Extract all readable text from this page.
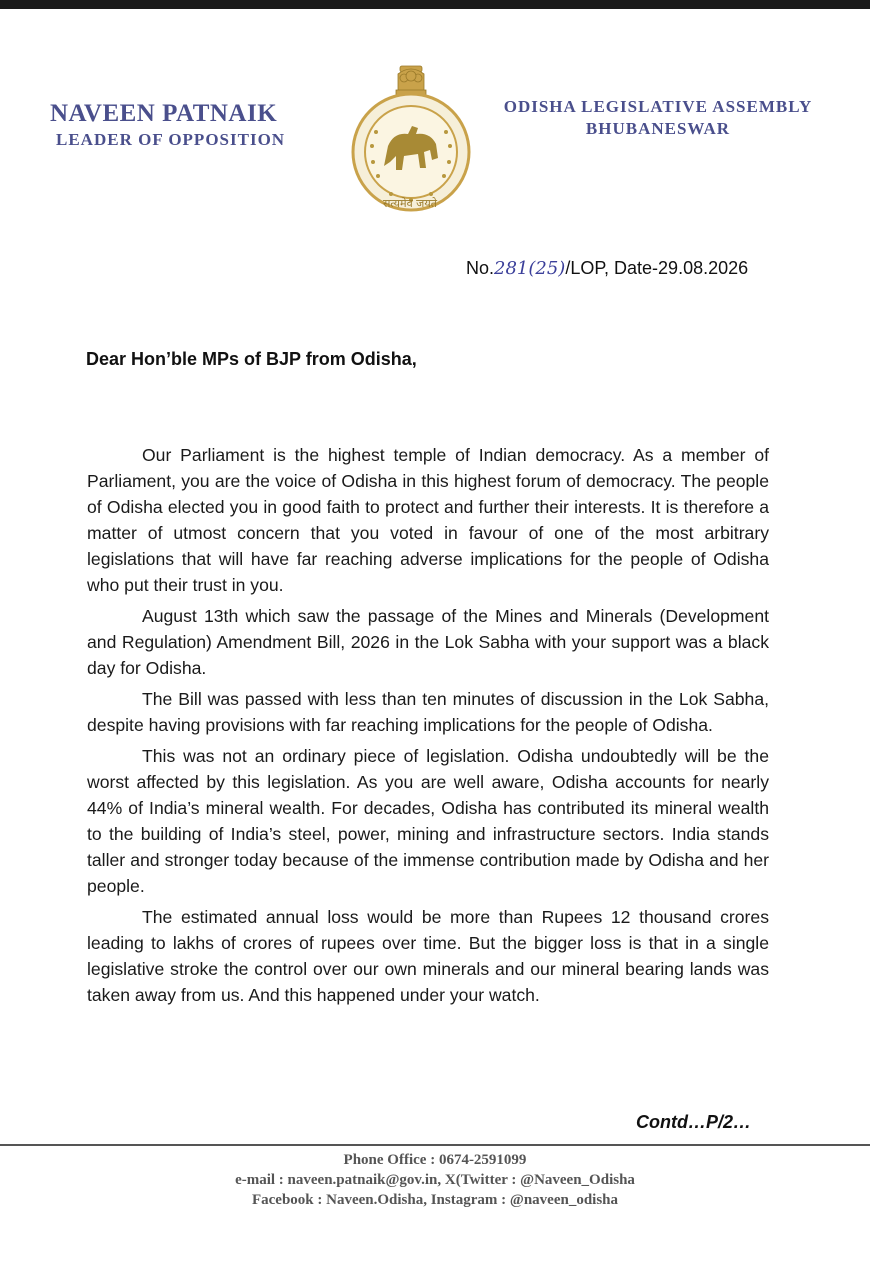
NAVEEN PATNAIK
LEADER OF OPPOSITION
सत्यमेव जयते
ODISHA LEGISLATIVE ASSEMBLY
BHUBANESWAR
No.281(25)/LOP, Date-29.08.2026
Dear Hon’ble MPs of BJP from Odisha,

Our Parliament is the highest temple of Indian democracy. As a member of Parliament, you are the voice of Odisha in this highest forum of democracy. The people of Odisha elected you in good faith to protect and further their interests. It is therefore a matter of utmost concern that you voted in favour of one of the most arbitrary legislations that will have far reaching adverse implications for the people of Odisha who put their trust in you.

August 13th which saw the passage of the Mines and Minerals (Development and Regulation) Amendment Bill, 2026 in the Lok Sabha with your support was a black day for Odisha.

The Bill was passed with less than ten minutes of discussion in the Lok Sabha, despite having provisions with far reaching implications for the people of Odisha.

This was not an ordinary piece of legislation. Odisha undoubtedly will be the worst affected by this legislation. As you are well aware, Odisha accounts for nearly 44% of India’s mineral wealth. For decades, Odisha has contributed its mineral wealth to the building of India’s steel, power, mining and infrastructure sectors. India stands taller and stronger today because of the immense contribution made by Odisha and her people.

The estimated annual loss would be more than Rupees 12 thousand crores leading to lakhs of crores of rupees over time. But the bigger loss is that in a single legislative stroke the control over our own minerals and our mineral bearing lands was taken away from us. And this happened under your watch.

Contd…P/2…
Phone Office : 0674-2591099
e-mail : naveen.patnaik@gov.in, X(Twitter : @Naveen_Odisha
Facebook : Naveen.Odisha, Instagram : @naveen_odisha
